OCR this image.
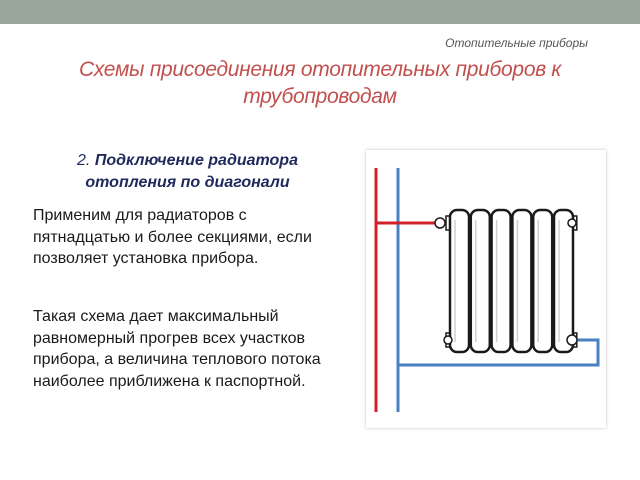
Отопительные приборы
Схемы присоединения отопительных приборов к трубопроводам
2. Подключение радиатора отопления по диагонали
Применим для радиаторов с пятнадцатью и более секциями, если позволяет установка прибора.
Такая схема дает максимальный равномерный прогрев всех участков прибора, а величина теплового потока наиболее приближена к паспортной.
